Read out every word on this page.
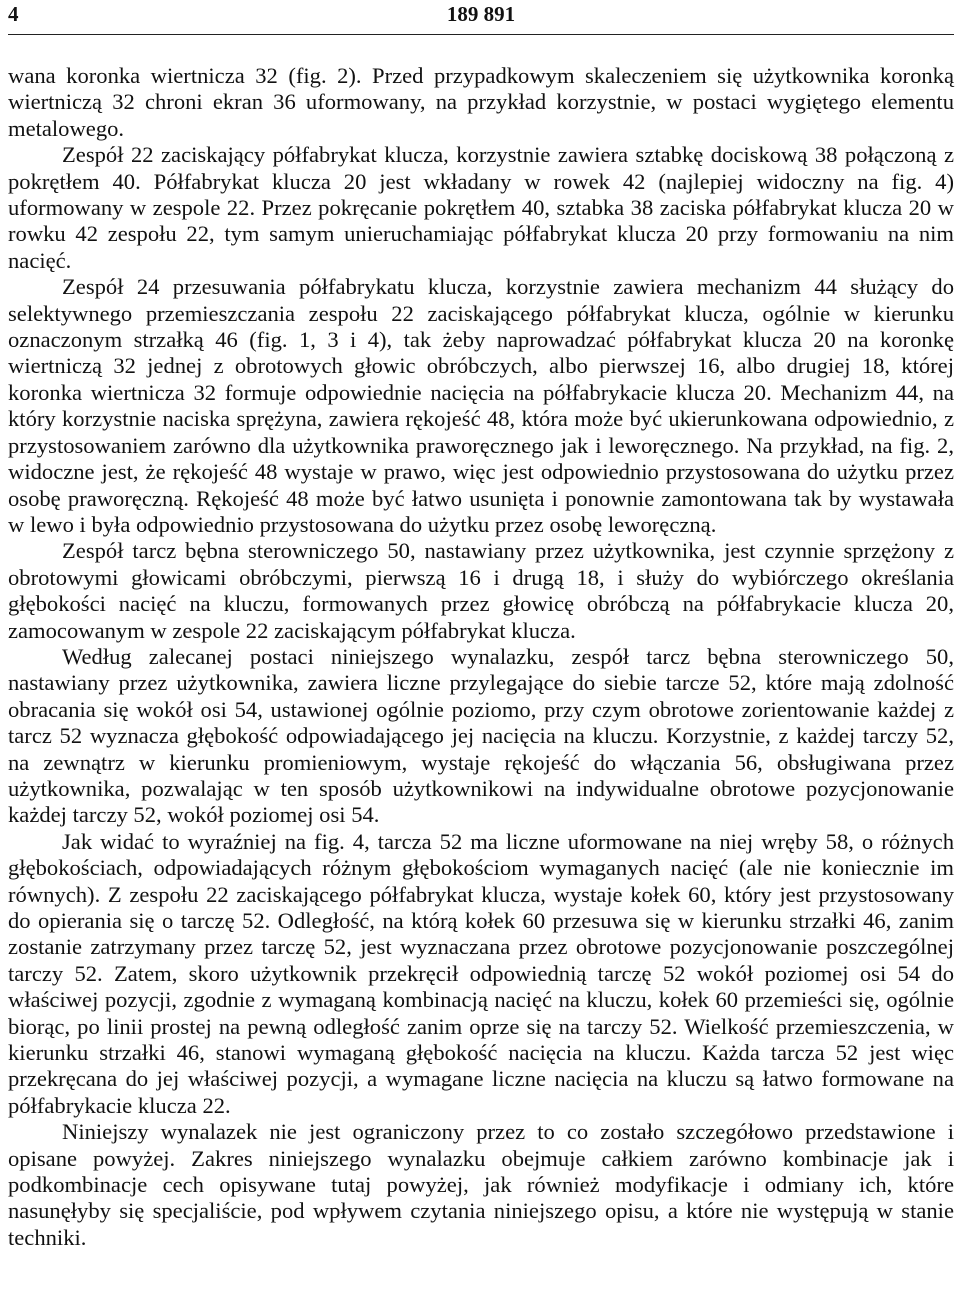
4	189 891

wana koronka wiertnicza 32 (fig. 2). Przed przypadkowym skaleczeniem się użytkownika koronką wiertniczą 32 chroni ekran 36 uformowany, na przykład korzystnie, w postaci wygiętego elementu metalowego.

Zespół 22 zaciskający półfabrykat klucza, korzystnie zawiera sztabkę dociskową 38 połączoną z pokrętłem 40. Półfabrykat klucza 20 jest wkładany w rowek 42 (najlepiej widoczny na fig. 4) uformowany w zespole 22. Przez pokręcanie pokrętłem 40, sztabka 38 zaciska półfabrykat klucza 20 w rowku 42 zespołu 22, tym samym unieruchamiając półfabrykat klucza 20 przy formowaniu na nim nacięć.

Zespół 24 przesuwania półfabrykatu klucza, korzystnie zawiera mechanizm 44 służący do selektywnego przemieszczania zespołu 22 zaciskającego półfabrykat klucza, ogólnie w kierunku oznaczonym strzałką 46 (fig. 1, 3 i 4), tak żeby naprowadzać półfabrykat klucza 20 na koronkę wiertniczą 32 jednej z obrotowych głowic obróbczych, albo pierwszej 16, albo drugiej 18, której koronka wiertnicza 32 formuje odpowiednie nacięcia na półfabrykacie klucza 20. Mechanizm 44, na który korzystnie naciska sprężyna, zawiera rękojeść 48, która może być ukierunkowana odpowiednio, z przystosowaniem zarówno dla użytkownika praworęcznego jak i leworęcznego. Na przykład, na fig. 2, widoczne jest, że rękojeść 48 wystaje w prawo, więc jest odpowiednio przystosowana do użytku przez osobę praworęczną. Rękojeść 48 może być łatwo usunięta i ponownie zamontowana tak by wystawała w lewo i była odpowiednio przystosowana do użytku przez osobę leworęczną.

Zespół tarcz bębna sterowniczego 50, nastawiany przez użytkownika, jest czynnie sprzężony z obrotowymi głowicami obróbczymi, pierwszą 16 i drugą 18, i służy do wybiórczego określania głębokości nacięć na kluczu, formowanych przez głowicę obróbczą na półfabrykacie klucza 20, zamocowanym w zespole 22 zaciskającym półfabrykat klucza.

Według zalecanej postaci niniejszego wynalazku, zespół tarcz bębna sterowniczego 50, nastawiany przez użytkownika, zawiera liczne przylegające do siebie tarcze 52, które mają zdolność obracania się wokół osi 54, ustawionej ogólnie poziomo, przy czym obrotowe zorientowanie każdej z tarcz 52 wyznacza głębokość odpowiadającego jej nacięcia na kluczu. Korzystnie, z każdej tarczy 52, na zewnątrz w kierunku promieniowym, wystaje rękojeść do włączania 56, obsługiwana przez użytkownika, pozwalając w ten sposób użytkownikowi na indywidualne obrotowe pozycjonowanie każdej tarczy 52, wokół poziomej osi 54.

Jak widać to wyraźniej na fig. 4, tarcza 52 ma liczne uformowane na niej wręby 58, o różnych głębokościach, odpowiadających różnym głębokościom wymaganych nacięć (ale nie koniecznie im równych). Z zespołu 22 zaciskającego półfabrykat klucza, wystaje kołek 60, który jest przystosowany do opierania się o tarczę 52. Odległość, na którą kołek 60 przesuwa się w kierunku strzałki 46, zanim zostanie zatrzymany przez tarczę 52, jest wyznaczana przez obrotowe pozycjonowanie poszczególnej tarczy 52. Zatem, skoro użytkownik przekręcił odpowiednią tarczę 52 wokół poziomej osi 54 do właściwej pozycji, zgodnie z wymaganą kombinacją nacięć na kluczu, kołek 60 przemieści się, ogólnie biorąc, po linii prostej na pewną odległość zanim oprze się na tarczy 52. Wielkość przemieszczenia, w kierunku strzałki 46, stanowi wymaganą głębokość nacięcia na kluczu. Każda tarcza 52 jest więc przekręcana do jej właściwej pozycji, a wymagane liczne nacięcia na kluczu są łatwo formowane na półfabrykacie klucza 22.

Niniejszy wynalazek nie jest ograniczony przez to co zostało szczegółowo przedstawione i opisane powyżej. Zakres niniejszego wynalazku obejmuje całkiem zarówno kombinacje jak i podkombinacje cech opisywane tutaj powyżej, jak również modyfikacje i odmiany ich, które nasunęłyby się specjaliście, pod wpływem czytania niniejszego opisu, a które nie występują w stanie techniki.
